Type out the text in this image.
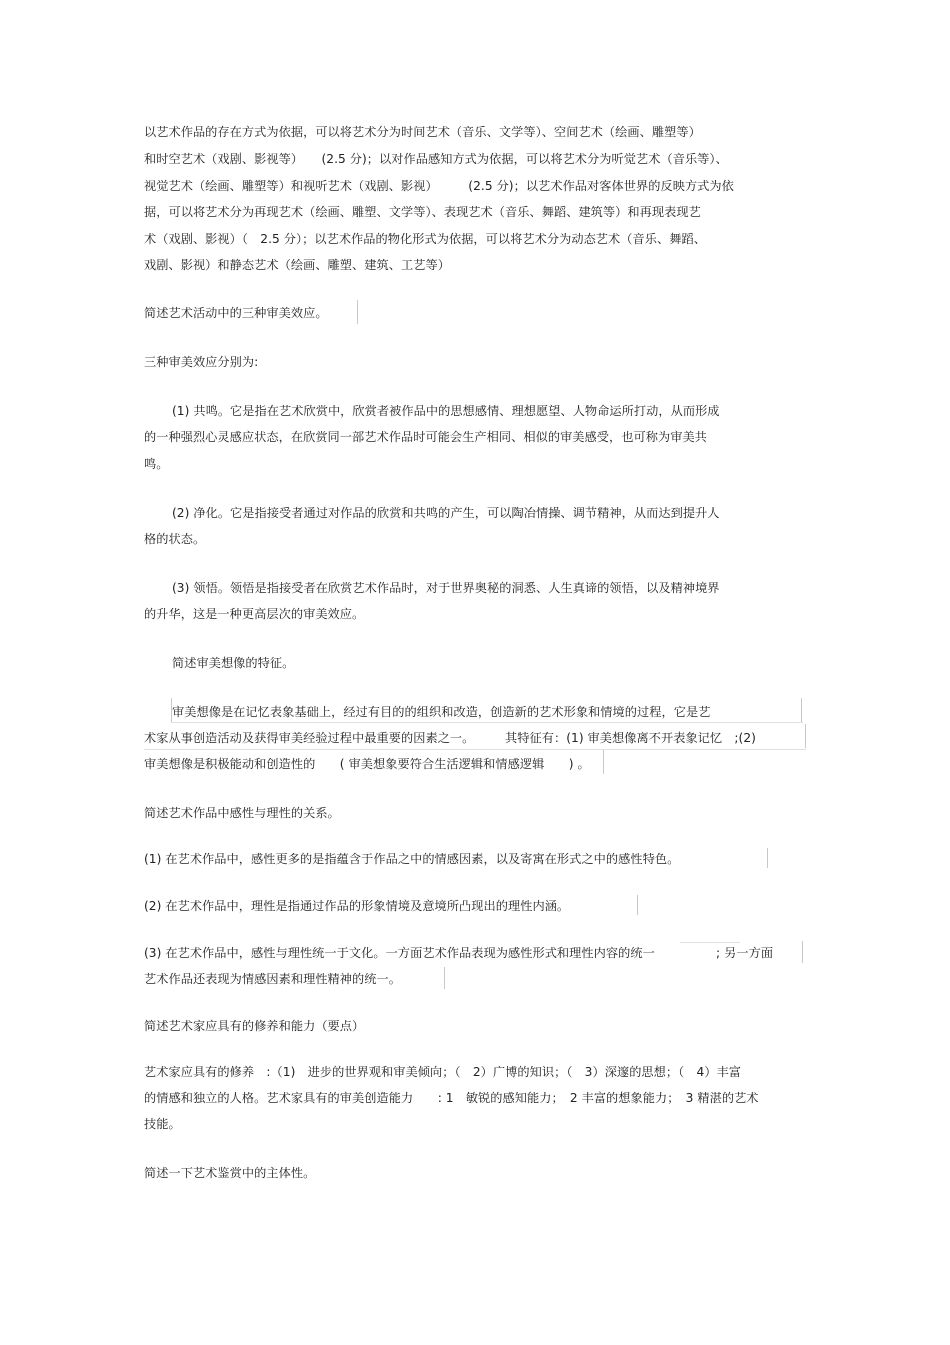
以艺术作品的存在方式为依据，可以将艺术分为时间艺术（音乐、文学等）、空间艺术（绘画、雕塑等）
和时空艺术（戏剧、影视等）　　(2.5 分)；以对作品感知方式为依据，可以将艺术分为听觉艺术（音乐等）、
视觉艺术（绘画、雕塑等）和视听艺术（戏剧、影视）　　　(2.5 分)；以艺术作品对客体世界的反映方式为依
据，可以将艺术分为再现艺术（绘画、雕塑、文学等）、表现艺术（音乐、舞蹈、建筑等）和再现表现艺
术（戏剧、影视）（　2.5 分）；以艺术作品的物化形式为依据，可以将艺术分为动态艺术（音乐、舞蹈、
戏剧、影视）和静态艺术（绘画、雕塑、建筑、工艺等）
简述艺术活动中的三种审美效应。
三种审美效应分别为:
(1) 共鸣。它是指在艺术欣赏中，欣赏者被作品中的思想感情、理想愿望、人物命运所打动，从而形成
的一种强烈心灵感应状态，在欣赏同一部艺术作品时可能会生产相同、相似的审美感受，也可称为审美共
鸣。
(2) 净化。它是指接受者通过对作品的欣赏和共鸣的产生，可以陶冶情操、调节精神，从而达到提升人
格的状态。
(3) 领悟。领悟是指接受者在欣赏艺术作品时，对于世界奥秘的洞悉、人生真谛的领悟，以及精神境界
的升华，这是一种更高层次的审美效应。
简述审美想像的特征。
审美想像是在记忆表象基础上，经过有目的的组织和改造，创造新的艺术形象和情境的过程，它是艺
术家从事创造活动及获得审美经验过程中最重要的因素之一。　　　其特征有：(1) 审美想像离不开表象记忆　;(2)
审美想像是积极能动和创造性的　　( 审美想象要符合生活逻辑和情感逻辑　　) 。
简述艺术作品中感性与理性的关系。
(1) 在艺术作品中，感性更多的是指蕴含于作品之中的情感因素，以及寄寓在形式之中的感性特色。
(2) 在艺术作品中，理性是指通过作品的形象情境及意境所凸现出的理性内涵。
(3) 在艺术作品中，感性与理性统一于文化。一方面艺术作品表现为感性形式和理性内容的统一　　　　　; 另一方面
艺术作品还表现为情感因素和理性精神的统一。
简述艺术家应具有的修养和能力（要点）
艺术家应具有的修养　:（1)　进步的世界观和审美倾向；（　2）广博的知识；（　3）深邃的思想；（　4）丰富
的情感和独立的人格。艺术家具有的审美创造能力　　: 1　敏锐的感知能力；　2 丰富的想象能力；　3 精湛的艺术
技能。
简述一下艺术鉴赏中的主体性。
